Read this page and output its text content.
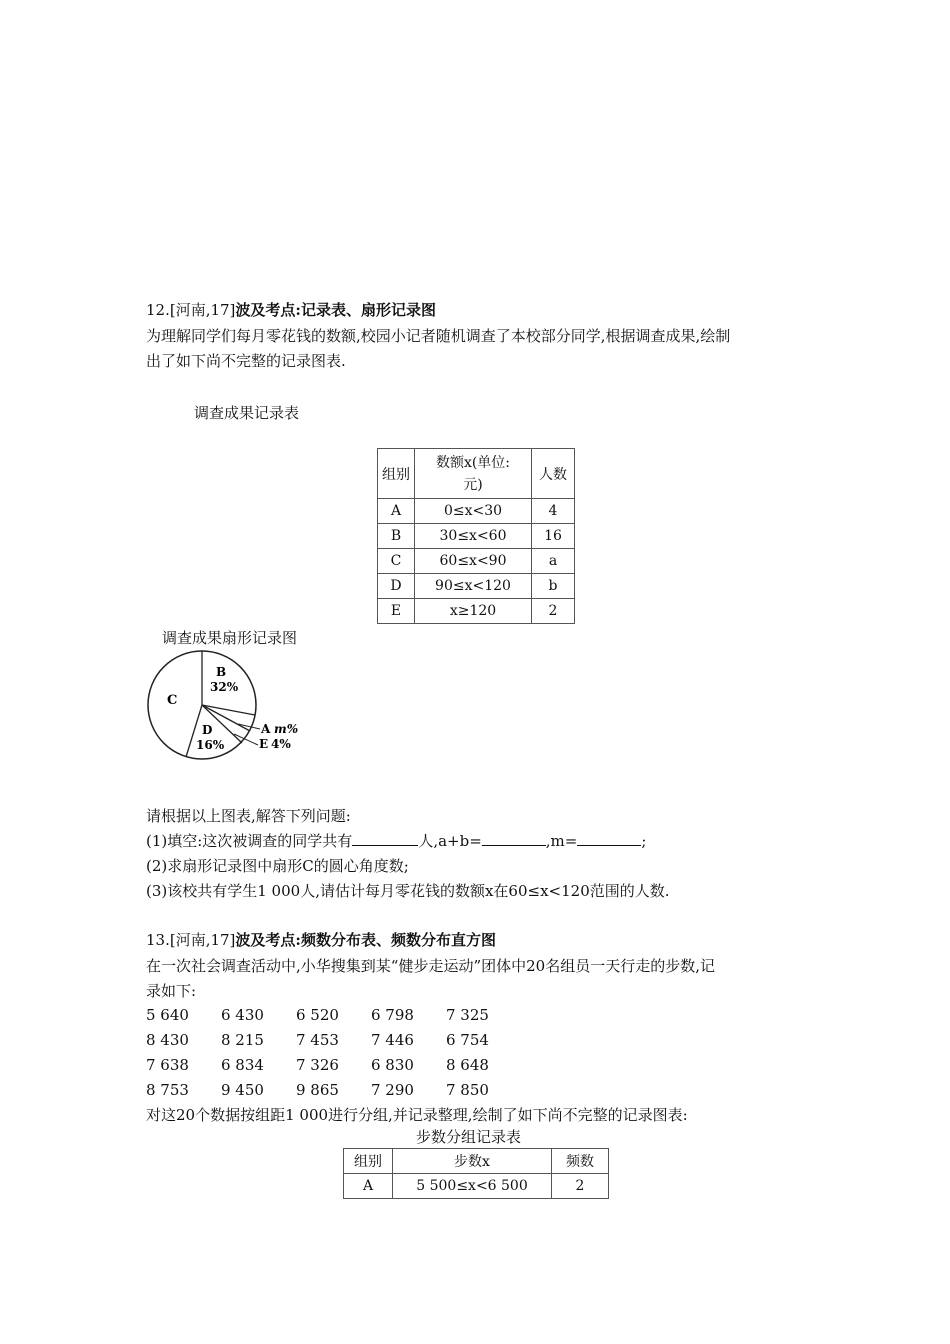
12.[河南,17]波及考点:记录表、扇形记录图
为理解同学们每月零花钱的数额,校园小记者随机调查了本校部分同学,根据调查成果,绘制
出了如下尚不完整的记录图表.
调查成果记录表
组别	数额x(单位:
元)	人数
A	0≤x<30	4
B	30≤x<60	16
C	60≤x<90	a
D	90≤x<120	b
E	x≥120	2
调查成果扇形记录图
B
32%
C
D
16%
A m%
E 4%
请根据以上图表,解答下列问题:
(1)填空:这次被调查的同学共有	人,a+b=	,m=	;
(2)求扇形记录图中扇形C的圆心角度数;
(3)该校共有学生1 000人,请估计每月零花钱的数额x在60≤x<120范围的人数.
13.[河南,17]波及考点:频数分布表、频数分布直方图
在一次社会调查活动中,小华搜集到某“健步走运动”团体中20名组员一天行走的步数,记
录如下:
5 640 6 430 6 520 6 798 7 325
8 430 8 215 7 453 7 446 6 754
7 638 6 834 7 326 6 830 8 648
8 753 9 450 9 865 7 290 7 850
对这20个数据按组距1 000进行分组,并记录整理,绘制了如下尚不完整的记录图表:
步数分组记录表
组别	步数x	频数
A	5 500≤x<6 500	2
